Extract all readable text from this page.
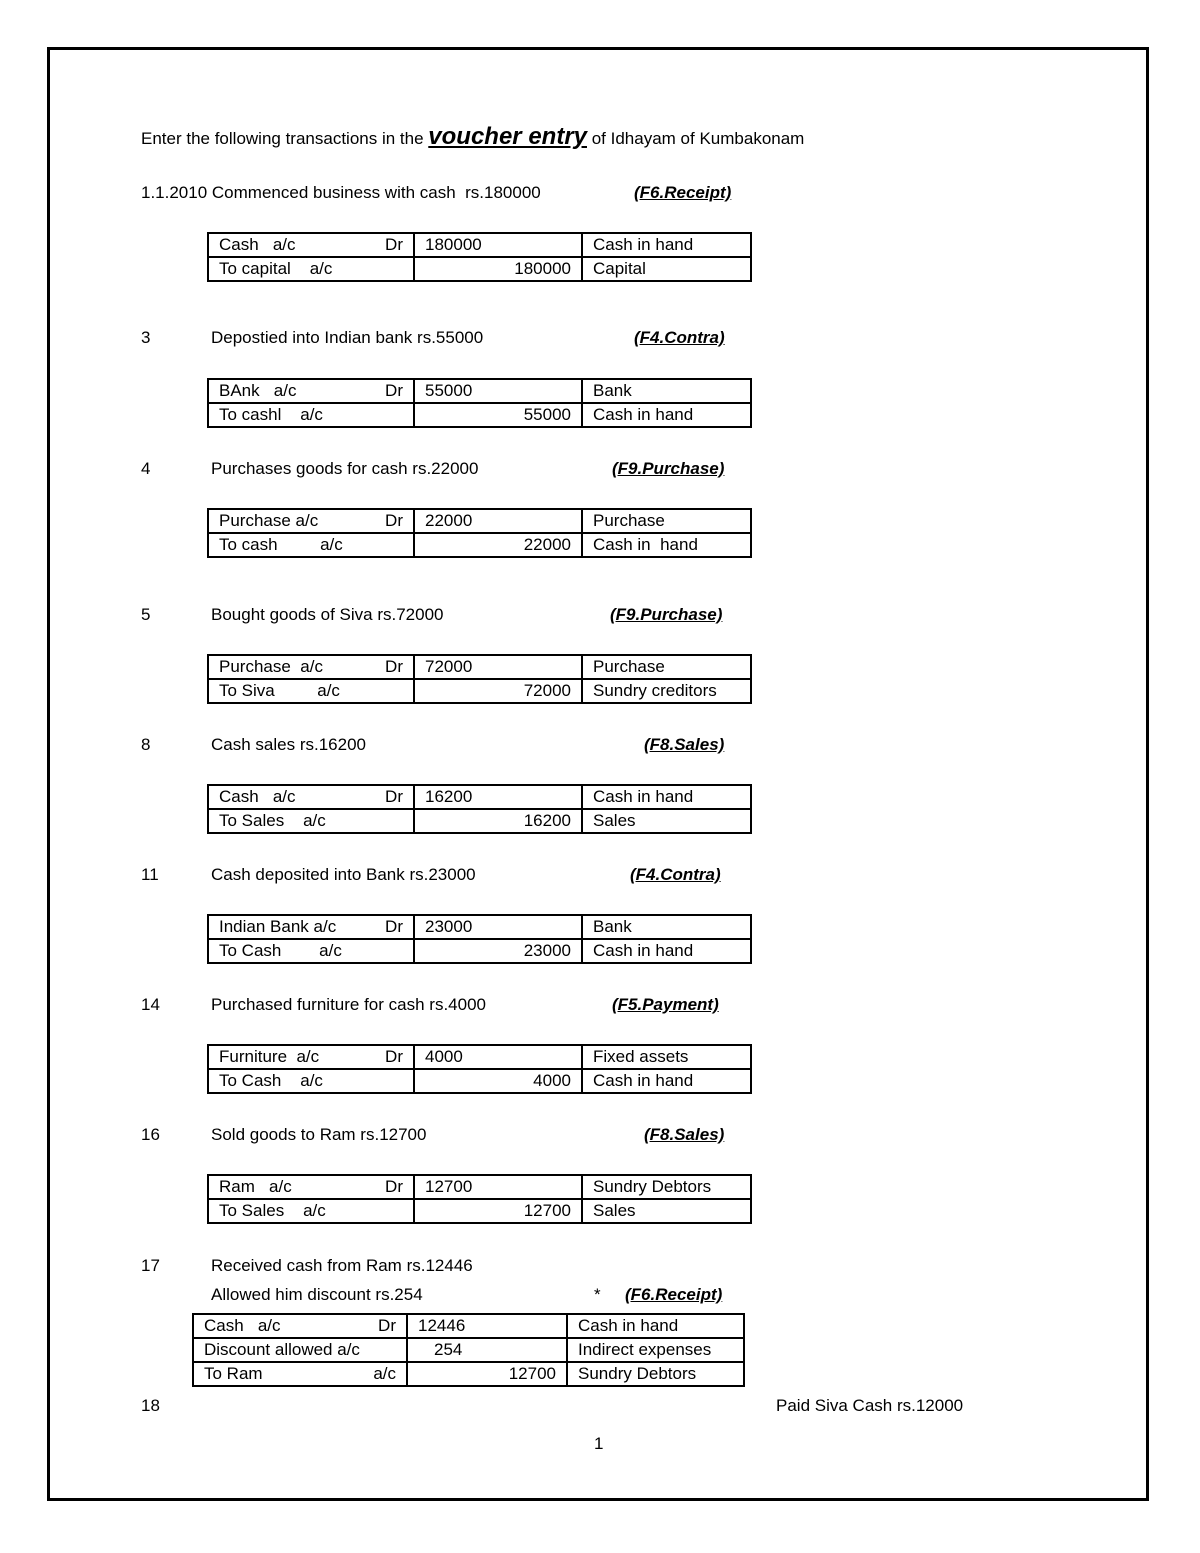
Enter the following transactions in the voucher entry of Idhayam of Kumbakonam
1.1.2010 Commenced business with cash  rs.180000	(F6.Receipt)
Cash   a/c Dr	180000	Cash in hand
To capital    a/c	180000	Capital
3	Depostied into Indian bank rs.55000	(F4.Contra)
BAnk   a/c Dr	55000	Bank
To cashl    a/c	55000	Cash in hand
4	Purchases goods for cash rs.22000	(F9.Purchase)
Purchase a/c Dr	22000	Purchase
To cash         a/c	22000	Cash in  hand
5	Bought goods of Siva rs.72000	(F9.Purchase)
Purchase  a/c Dr	72000	Purchase
To Siva         a/c	72000	Sundry creditors
8	Cash sales rs.16200	(F8.Sales)
Cash   a/c Dr	16200	Cash in hand
To Sales    a/c	16200	Sales
11	Cash deposited into Bank rs.23000	(F4.Contra)
Indian Bank a/c Dr	23000	Bank
To Cash        a/c	23000	Cash in hand
14	Purchased furniture for cash rs.4000	(F5.Payment)
Furniture  a/c Dr	4000	Fixed assets
To Cash    a/c	4000	Cash in hand
16	Sold goods to Ram rs.12700	(F8.Sales)
Ram   a/c Dr	12700	Sundry Debtors
To Sales    a/c	12700	Sales
17	Received cash from Ram rs.12446
Allowed him discount rs.254	* (F6.Receipt)
Cash   a/c Dr	12446	Cash in hand
Discount allowed a/c	254	Indirect expenses
To Ram a/c	12700	Sundry Debtors
18	Paid Siva Cash rs.12000
1
